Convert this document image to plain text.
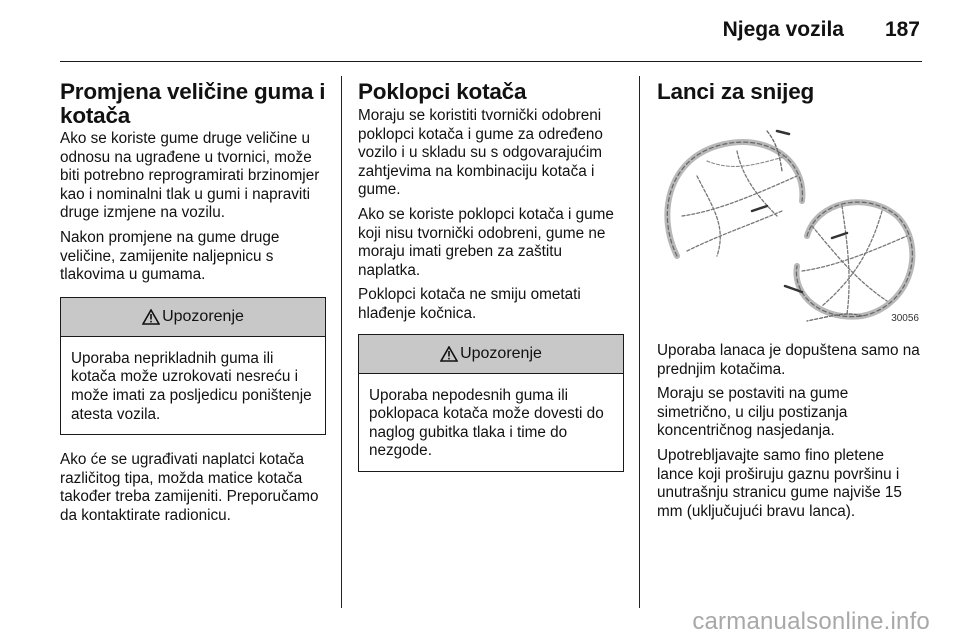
Njega vozila 187
Promjena veličine guma i kotača

Ako se koriste gume druge veličine u odnosu na ugrađene u tvornici, može biti potrebno reprogramirati brzinomjer kao i nominalni tlak u gumi i napraviti druge izmjene na vozilu.

Nakon promjene na gume druge veličine, zamijenite naljepnicu s tlakovima u gumama.

Upozorenje

Uporaba neprikladnih guma ili kotača može uzrokovati nesreću i može imati za posljedicu poništenje atesta vozila.

Ako će se ugrađivati naplatci kotača različitog tipa, možda matice kotača također treba zamijeniti. Preporučamo da kontaktirate radionicu.

Poklopci kotača

Moraju se koristiti tvornički odobreni poklopci kotača i gume za određeno vozilo i u skladu su s odgovarajućim zahtjevima na kombinaciju kotača i gume.

Ako se koriste poklopci kotača i gume koji nisu tvornički odobreni, gume ne moraju imati greben za zaštitu naplatka.

Poklopci kotača ne smiju ometati hlađenje kočnica.

Upozorenje

Uporaba nepodesnih guma ili poklopaca kotača može dovesti do naglog gubitka tlaka i time do nezgode.

Lanci za snijeg
30056

Uporaba lanaca je dopuštena samo na prednjim kotačima.

Moraju se postaviti na gume simetrično, u cilju postizanja koncentričnog nasjedanja.

Upotrebljavajte samo fino pletene lance koji proširuju gaznu površinu i unutrašnju stranicu gume najviše 15 mm (uključujući bravu lanca).

carmanualsonline.info
